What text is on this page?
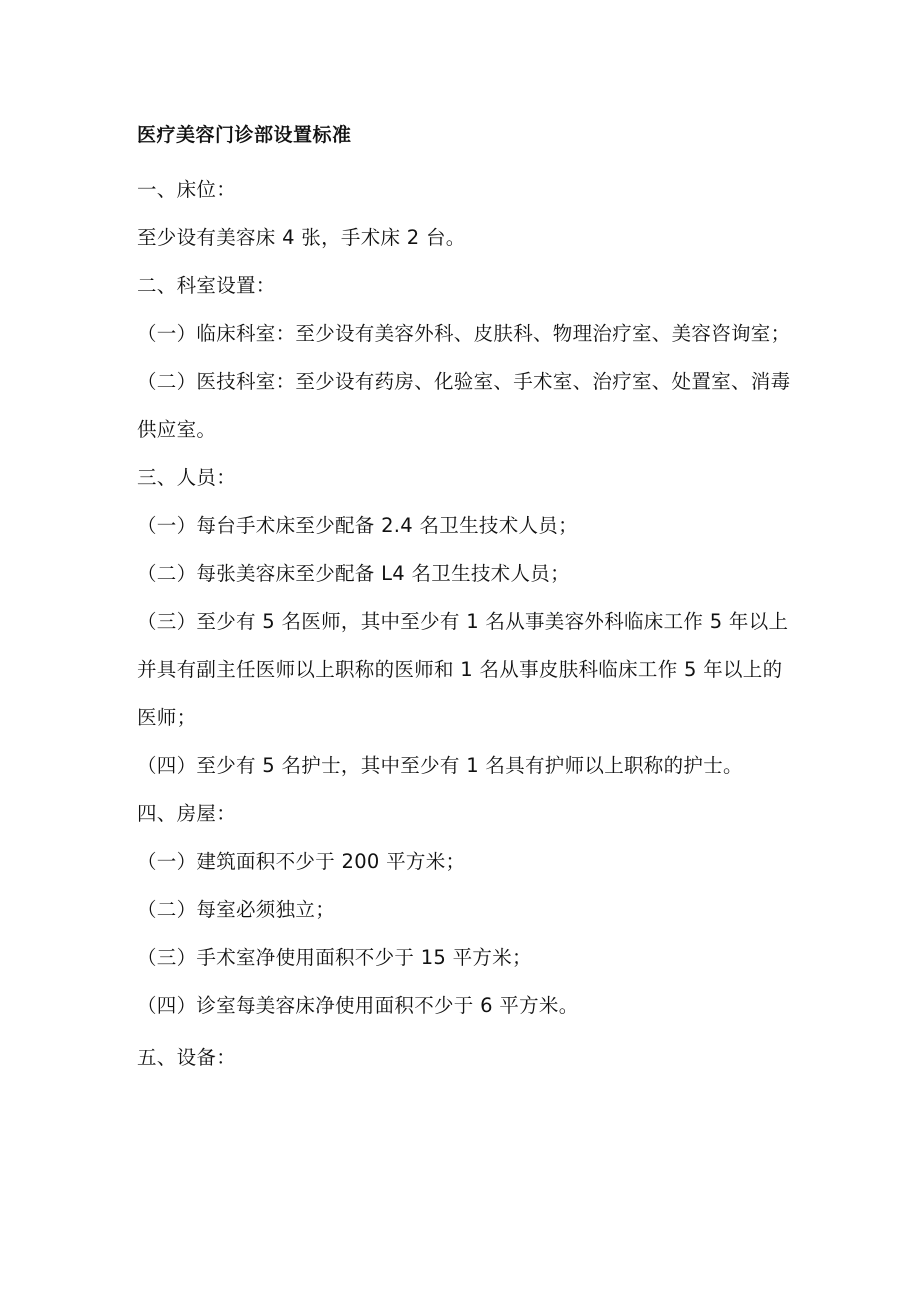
医疗美容门诊部设置标准

一、床位：

至少设有美容床 4 张，手术床 2 台。

二、科室设置：

（一）临床科室：至少设有美容外科、皮肤科、物理治疗室、美容咨询室；

（二）医技科室：至少设有药房、化验室、手术室、治疗室、处置室、消毒供应室。

三、人员：

（一）每台手术床至少配备 2.4 名卫生技术人员；

（二）每张美容床至少配备 L4 名卫生技术人员；

（三）至少有 5 名医师，其中至少有 1 名从事美容外科临床工作 5 年以上并具有副主任医师以上职称的医师和 1 名从事皮肤科临床工作 5 年以上的医师；

（四）至少有 5 名护士，其中至少有 1 名具有护师以上职称的护士。

四、房屋：

（一）建筑面积不少于 200 平方米；

（二）每室必须独立；

（三）手术室净使用面积不少于 15 平方米；

（四）诊室每美容床净使用面积不少于 6 平方米。

五、设备：
